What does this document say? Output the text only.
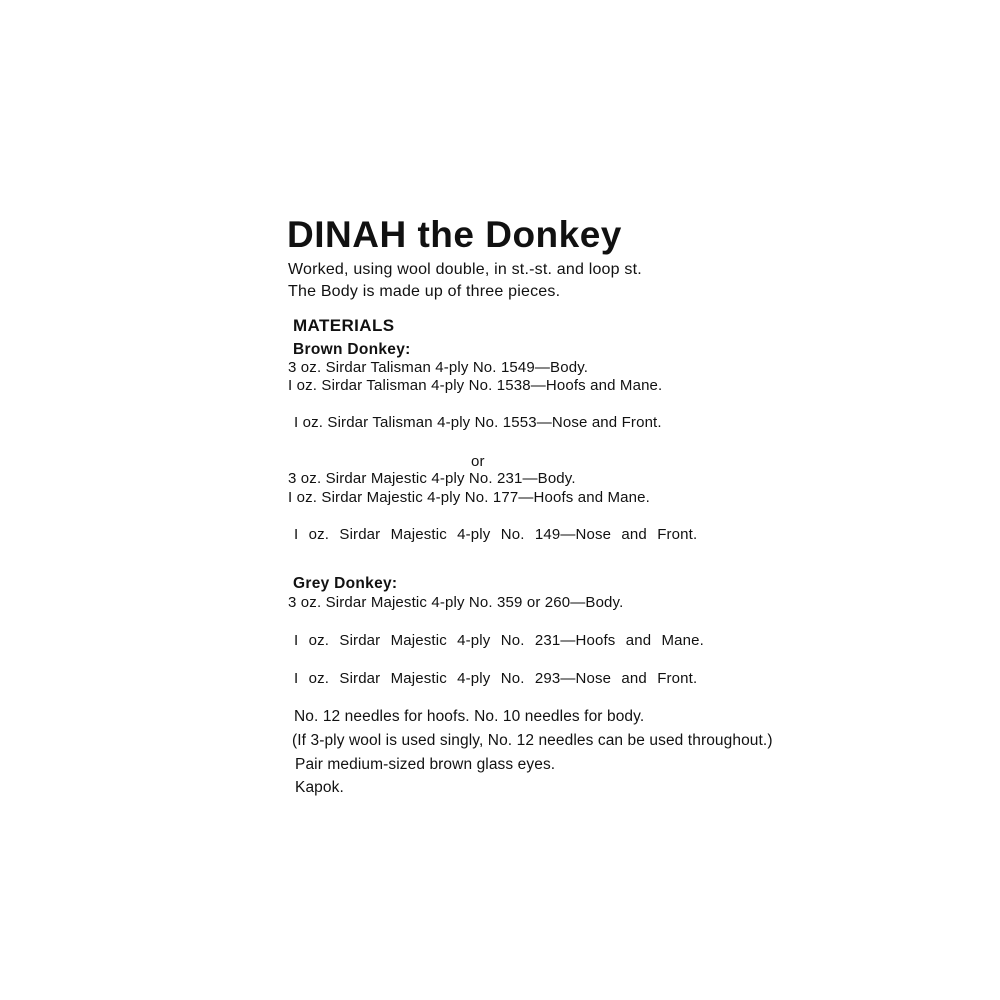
DINAH the Donkey
Worked, using wool double, in st.-st. and loop st.
The Body is made up of three pieces.
MATERIALS
Brown Donkey:
3 oz. Sirdar Talisman 4-ply No. 1549—Body.
I oz. Sirdar Talisman 4-ply No. 1538—Hoofs and Mane.
I oz. Sirdar Talisman 4-ply No. 1553—Nose and Front.
or
3 oz. Sirdar Majestic 4-ply No. 231—Body.
I oz. Sirdar Majestic 4-ply No. 177—Hoofs and Mane.
I oz. Sirdar Majestic 4-ply No. 149—Nose and Front.
Grey Donkey:
3 oz. Sirdar Majestic 4-ply No. 359 or 260—Body.
I oz. Sirdar Majestic 4-ply No. 231—Hoofs and Mane.
I oz. Sirdar Majestic 4-ply No. 293—Nose and Front.
No. 12 needles for hoofs. No. 10 needles for body.
(If 3-ply wool is used singly, No. 12 needles can be used throughout.)
Pair medium-sized brown glass eyes.
Kapok.
